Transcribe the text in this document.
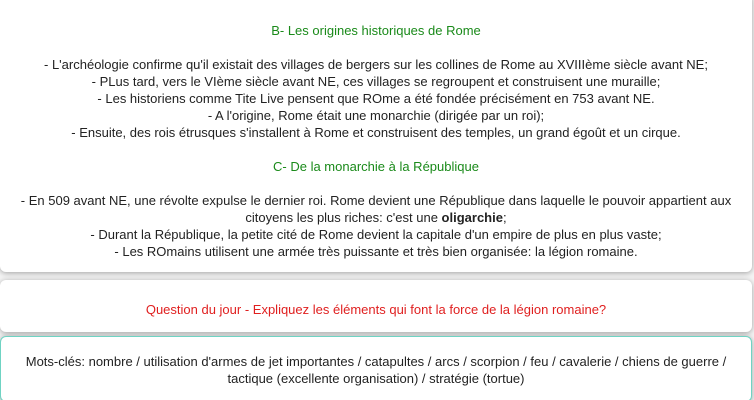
B- Les origines historiques de Rome

- L'archéologie confirme qu'il existait des villages de bergers sur les collines de Rome au XVIIIème siècle avant NE;

- PLus tard, vers le VIème siècle avant NE, ces villages se regroupent et construisent une muraille;

- Les historiens comme Tite Live pensent que ROme a été fondée précisément en 753 avant NE.

- A l'origine, Rome était une monarchie (dirigée par un roi);

- Ensuite, des rois étrusques s'installent à Rome et construisent des temples, un grand égoût et un cirque.

C- De la monarchie à la République

- En 509 avant NE, une révolte expulse le dernier roi. Rome devient une République dans laquelle le pouvoir appartient aux citoyens les plus riches: c'est une oligarchie;

- Durant la République, la petite cité de Rome devient la capitale d'un empire de plus en plus vaste;

- Les ROmains utilisent une armée très puissante et très bien organisée: la légion romaine.

Question du jour - Expliquez les éléments qui font la force de la légion romaine?

Mots-clés: nombre / utilisation d'armes de jet importantes / catapultes / arcs / scorpion / feu / cavalerie / chiens de guerre / tactique (excellente organisation) / stratégie (tortue)
